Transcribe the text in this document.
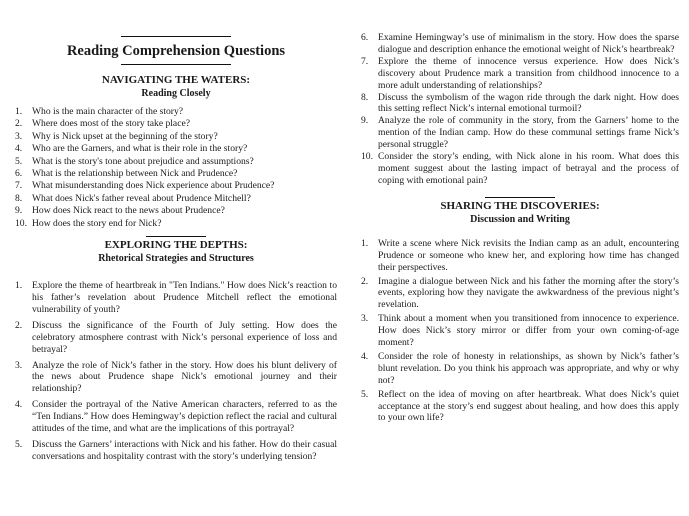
Reading Comprehension Questions
NAVIGATING THE WATERS:
Reading Closely
1. Who is the main character of the story?
2. Where does most of the story take place?
3. Why is Nick upset at the beginning of the story?
4. Who are the Garners, and what is their role in the story?
5. What is the story's tone about prejudice and assumptions?
6. What is the relationship between Nick and Prudence?
7. What misunderstanding does Nick experience about Prudence?
8. What does Nick's father reveal about Prudence Mitchell?
9. How does Nick react to the news about Prudence?
10. How does the story end for Nick?
EXPLORING THE DEPTHS:
Rhetorical Strategies and Structures
1. Explore the theme of heartbreak in "Ten Indians." How does Nick’s reaction to his father’s revelation about Prudence Mitchell reflect the emotional vulnerability of youth?
2. Discuss the significance of the Fourth of July setting. How does the celebratory atmosphere contrast with Nick’s personal experience of loss and betrayal?
3. Analyze the role of Nick’s father in the story. How does his blunt delivery of the news about Prudence shape Nick’s emotional journey and their relationship?
4. Consider the portrayal of the Native American characters, referred to as the “Ten Indians.” How does Hemingway’s depiction reflect the racial and cultural attitudes of the time, and what are the implications of this portrayal?
5. Discuss the Garners’ interactions with Nick and his father. How do their casual conversations and hospitality contrast with the story’s underlying tension?
6. Examine Hemingway’s use of minimalism in the story. How does the sparse dialogue and description enhance the emotional weight of Nick’s heartbreak?
7. Explore the theme of innocence versus experience. How does Nick’s discovery about Prudence mark a transition from childhood innocence to a more adult understanding of relationships?
8. Discuss the symbolism of the wagon ride through the dark night. How does this setting reflect Nick’s internal emotional turmoil?
9. Analyze the role of community in the story, from the Garners’ home to the mention of the Indian camp. How do these communal settings frame Nick’s personal struggle?
10. Consider the story’s ending, with Nick alone in his room. What does this moment suggest about the lasting impact of betrayal and the process of coping with emotional pain?
SHARING THE DISCOVERIES:
Discussion and Writing
1. Write a scene where Nick revisits the Indian camp as an adult, encountering Prudence or someone who knew her, and exploring how time has changed their perspectives.
2. Imagine a dialogue between Nick and his father the morning after the story’s events, exploring how they navigate the awkwardness of the previous night’s revelation.
3. Think about a moment when you transitioned from innocence to experience. How does Nick’s story mirror or differ from your own coming-of-age moment?
4. Consider the role of honesty in relationships, as shown by Nick’s father’s blunt revelation. Do you think his approach was appropriate, and why or why not?
5. Reflect on the idea of moving on after heartbreak. What does Nick’s quiet acceptance at the story’s end suggest about healing, and how does this apply to your own life?
